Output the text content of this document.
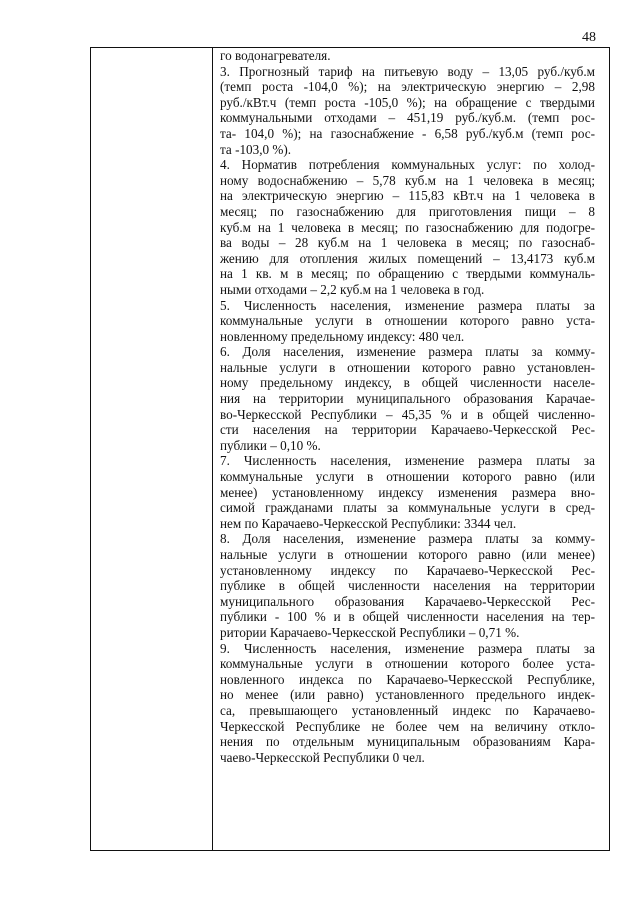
48
го водонагревателя.
3. Прогнозный тариф на питьевую воду – 13,05 руб./куб.м
(темп роста -104,0 %); на электрическую энергию – 2,98
руб./кВт.ч (темп роста -105,0 %); на обращение с твердыми
коммунальными отходами – 451,19 руб./куб.м. (темп рос-
та- 104,0 %); на газоснабжение - 6,58 руб./куб.м (темп рос-
та -103,0 %).
4. Норматив потребления коммунальных услуг: по холод-
ному водоснабжению – 5,78 куб.м на 1 человека в месяц;
на электрическую энергию – 115,83 кВт.ч на 1 человека в
месяц; по газоснабжению для приготовления пищи – 8
куб.м на 1 человека в месяц; по газоснабжению для подогре-
ва воды – 28 куб.м на 1 человека в месяц; по газоснаб-
жению для отопления жилых помещений – 13,4173 куб.м
на 1 кв. м в месяц; по обращению с твердыми коммуналь-
ными отходами – 2,2 куб.м на 1 человека в год.
5. Численность населения, изменение размера платы за
коммунальные услуги в отношении которого равно уста-
новленному предельному индексу: 480 чел.
6. Доля населения, изменение размера платы за комму-
нальные услуги в отношении которого равно установлен-
ному предельному индексу, в общей численности населе-
ния на территории муниципального образования Карачае-
во-Черкесской Республики – 45,35 % и в общей численно-
сти населения на территории Карачаево-Черкесской Рес-
публики – 0,10 %.
7. Численность населения, изменение размера платы за
коммунальные услуги в отношении которого равно (или
менее) установленному индексу изменения размера вно-
симой гражданами платы за коммунальные услуги в сред-
нем по Карачаево-Черкесской Республики: 3344 чел.
8. Доля населения, изменение размера платы за комму-
нальные услуги в отношении которого равно (или менее)
установленному индексу по Карачаево-Черкесской Рес-
публике в общей численности населения на территории
муниципального образования Карачаево-Черкесской Рес-
публики - 100 % и в общей численности населения на тер-
ритории Карачаево-Черкесской Республики – 0,71 %.
9. Численность населения, изменение размера платы за
коммунальные услуги в отношении которого более уста-
новленного индекса по Карачаево-Черкесской Республике,
но менее (или равно) установленного предельного индек-
са, превышающего установленный индекс по Карачаево-
Черкесской Республике не более чем на величину откло-
нения по отдельным муниципальным образованиям Кара-
чаево-Черкесской Республики 0 чел.
